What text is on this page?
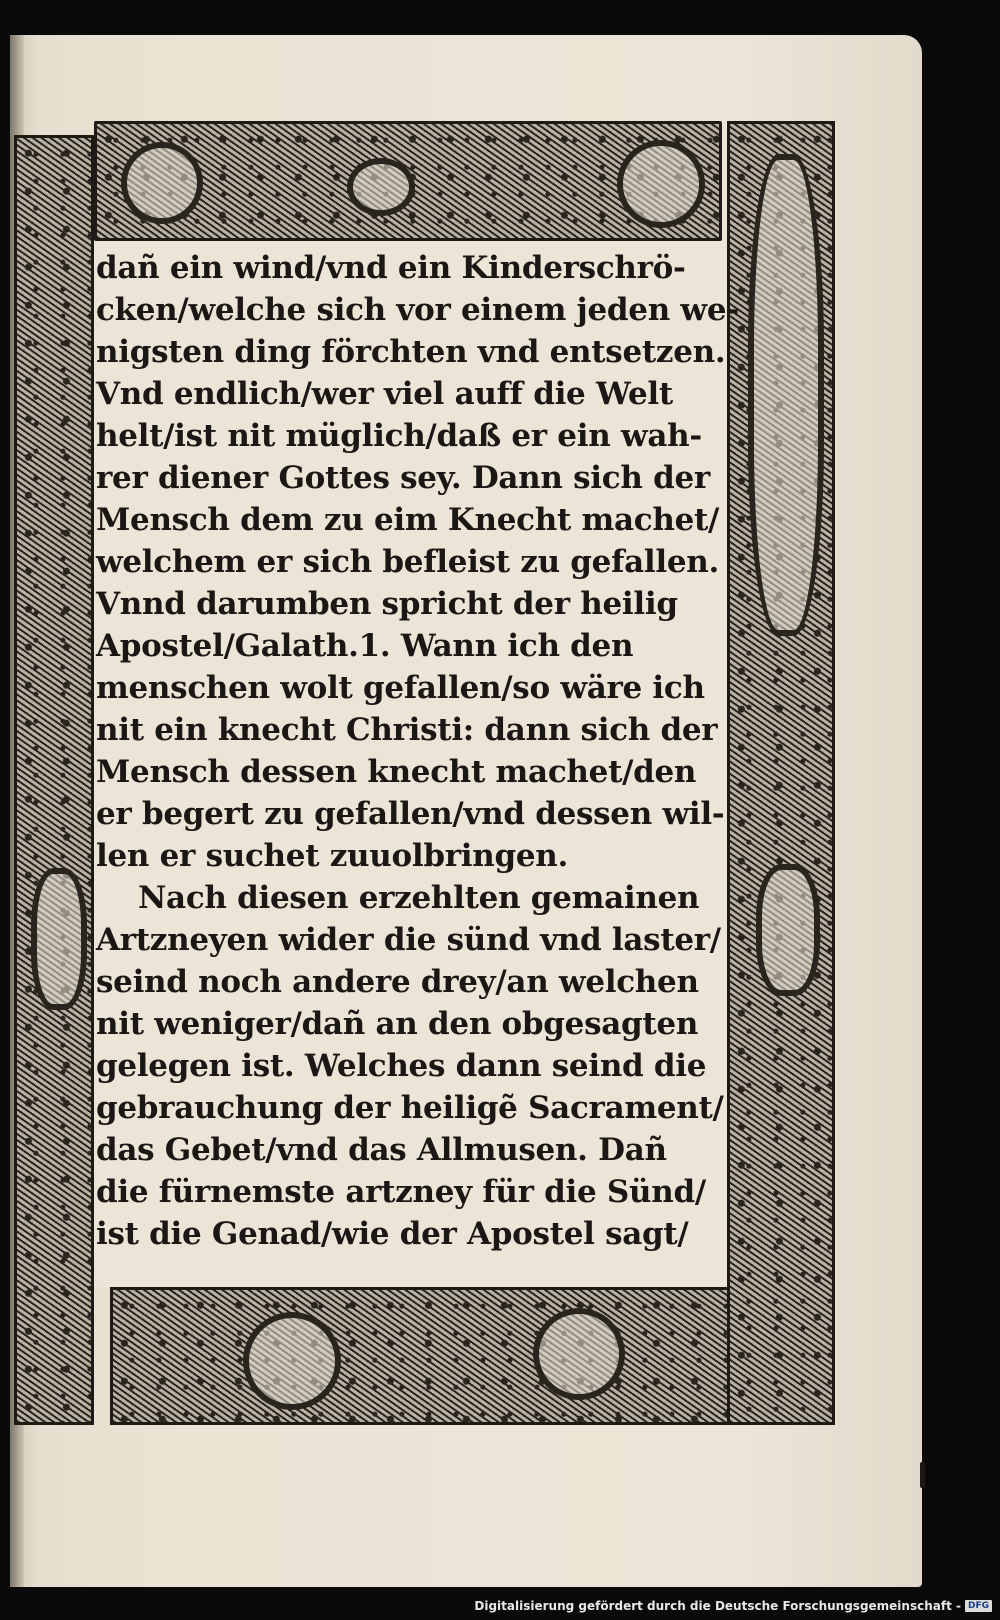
dañ ein wind/vnd ein Kinderschrö-
cken/welche sich vor einem jeden we-
nigsten ding förchten vnd entsetzen.
Vnd endlich/wer viel auff die Welt
helt/ist nit müglich/daß er ein wah-
rer diener Gottes sey. Dann sich der
Mensch dem zu eim Knecht machet/
welchem er sich befleist zu gefallen.
Vnnd darumben spricht der heilig
Apostel/Galath.1. Wann ich den
menschen wolt gefallen/so wäre ich
nit ein knecht Christi: dann sich der
Mensch dessen knecht machet/den
er begert zu gefallen/vnd dessen wil-
len er suchet zuuolbringen.
Nach diesen erzehlten gemainen
Artzneyen wider die sünd vnd laster/
seind noch andere drey/an welchen
nit weniger/dañ an den obgesagten
gelegen ist. Welches dann seind die
gebrauchung der heiligẽ Sacrament/
das Gebet/vnd das Allmusen. Dañ
die fürnemste artzney für die Sünd/
ist die Genad/wie der Apostel sagt/
Digitalisierung gefördert durch die Deutsche Forschungsgemeinschaft - DFG
